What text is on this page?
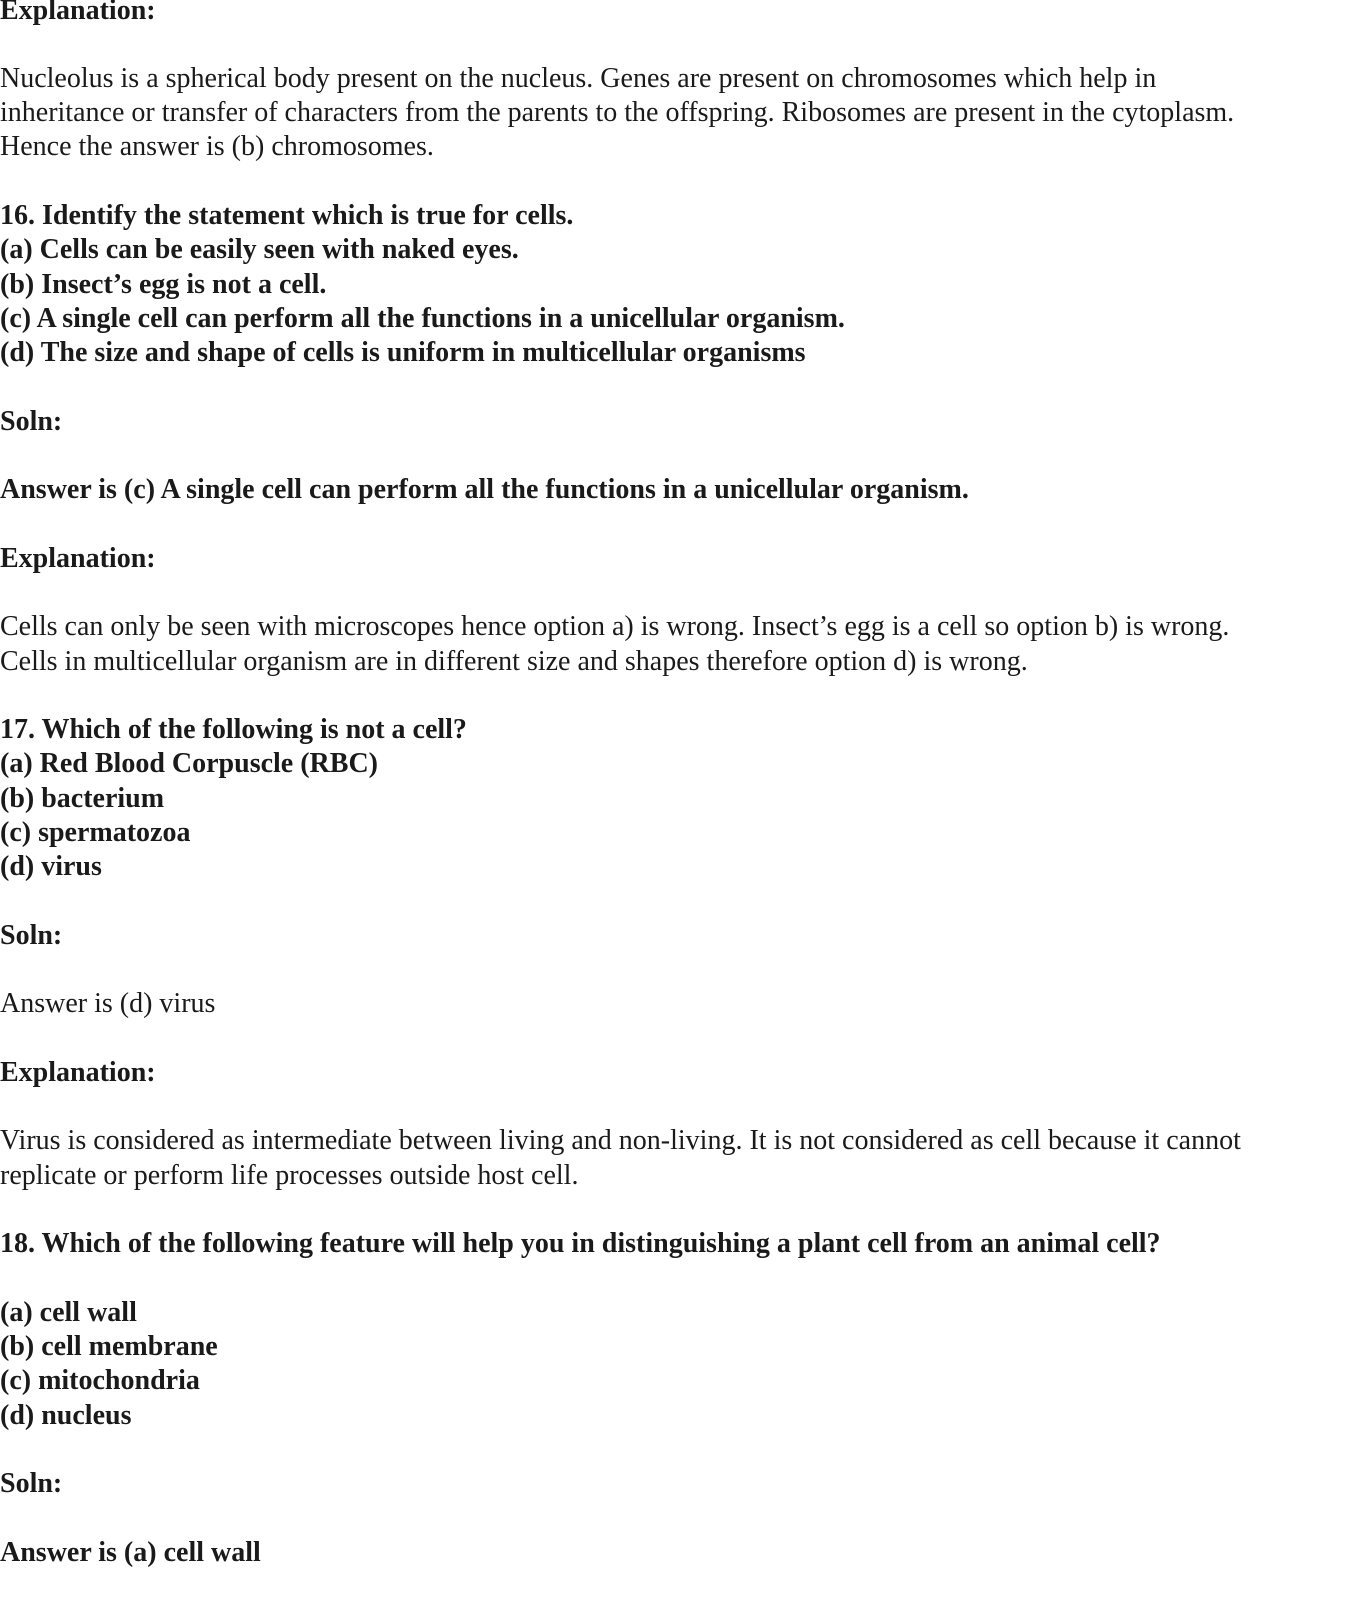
Explanation:

Nucleolus is a spherical body present on the nucleus. Genes are present on chromosomes which help in

inheritance or transfer of characters from the parents to the offspring. Ribosomes are present in the cytoplasm.

Hence the answer is (b) chromosomes.

16. Identify the statement which is true for cells.

(a) Cells can be easily seen with naked eyes.

(b) Insect’s egg is not a cell.

(c) A single cell can perform all the functions in a unicellular organism.

(d) The size and shape of cells is uniform in multicellular organisms

Soln:

Answer is (c) A single cell can perform all the functions in a unicellular organism.

Explanation:

Cells can only be seen with microscopes hence option a) is wrong. Insect’s egg is a cell so option b) is wrong.

Cells in multicellular organism are in different size and shapes therefore option d) is wrong.

17. Which of the following is not a cell?

(a) Red Blood Corpuscle (RBC)

(b) bacterium

(c) spermatozoa

(d) virus

Soln:

Answer is (d) virus

Explanation:

Virus is considered as intermediate between living and non-living. It is not considered as cell because it cannot

replicate or perform life processes outside host cell.

18. Which of the following feature will help you in distinguishing a plant cell from an animal cell?

(a) cell wall

(b) cell membrane

(c) mitochondria

(d) nucleus

Soln:

Answer is (a) cell wall
